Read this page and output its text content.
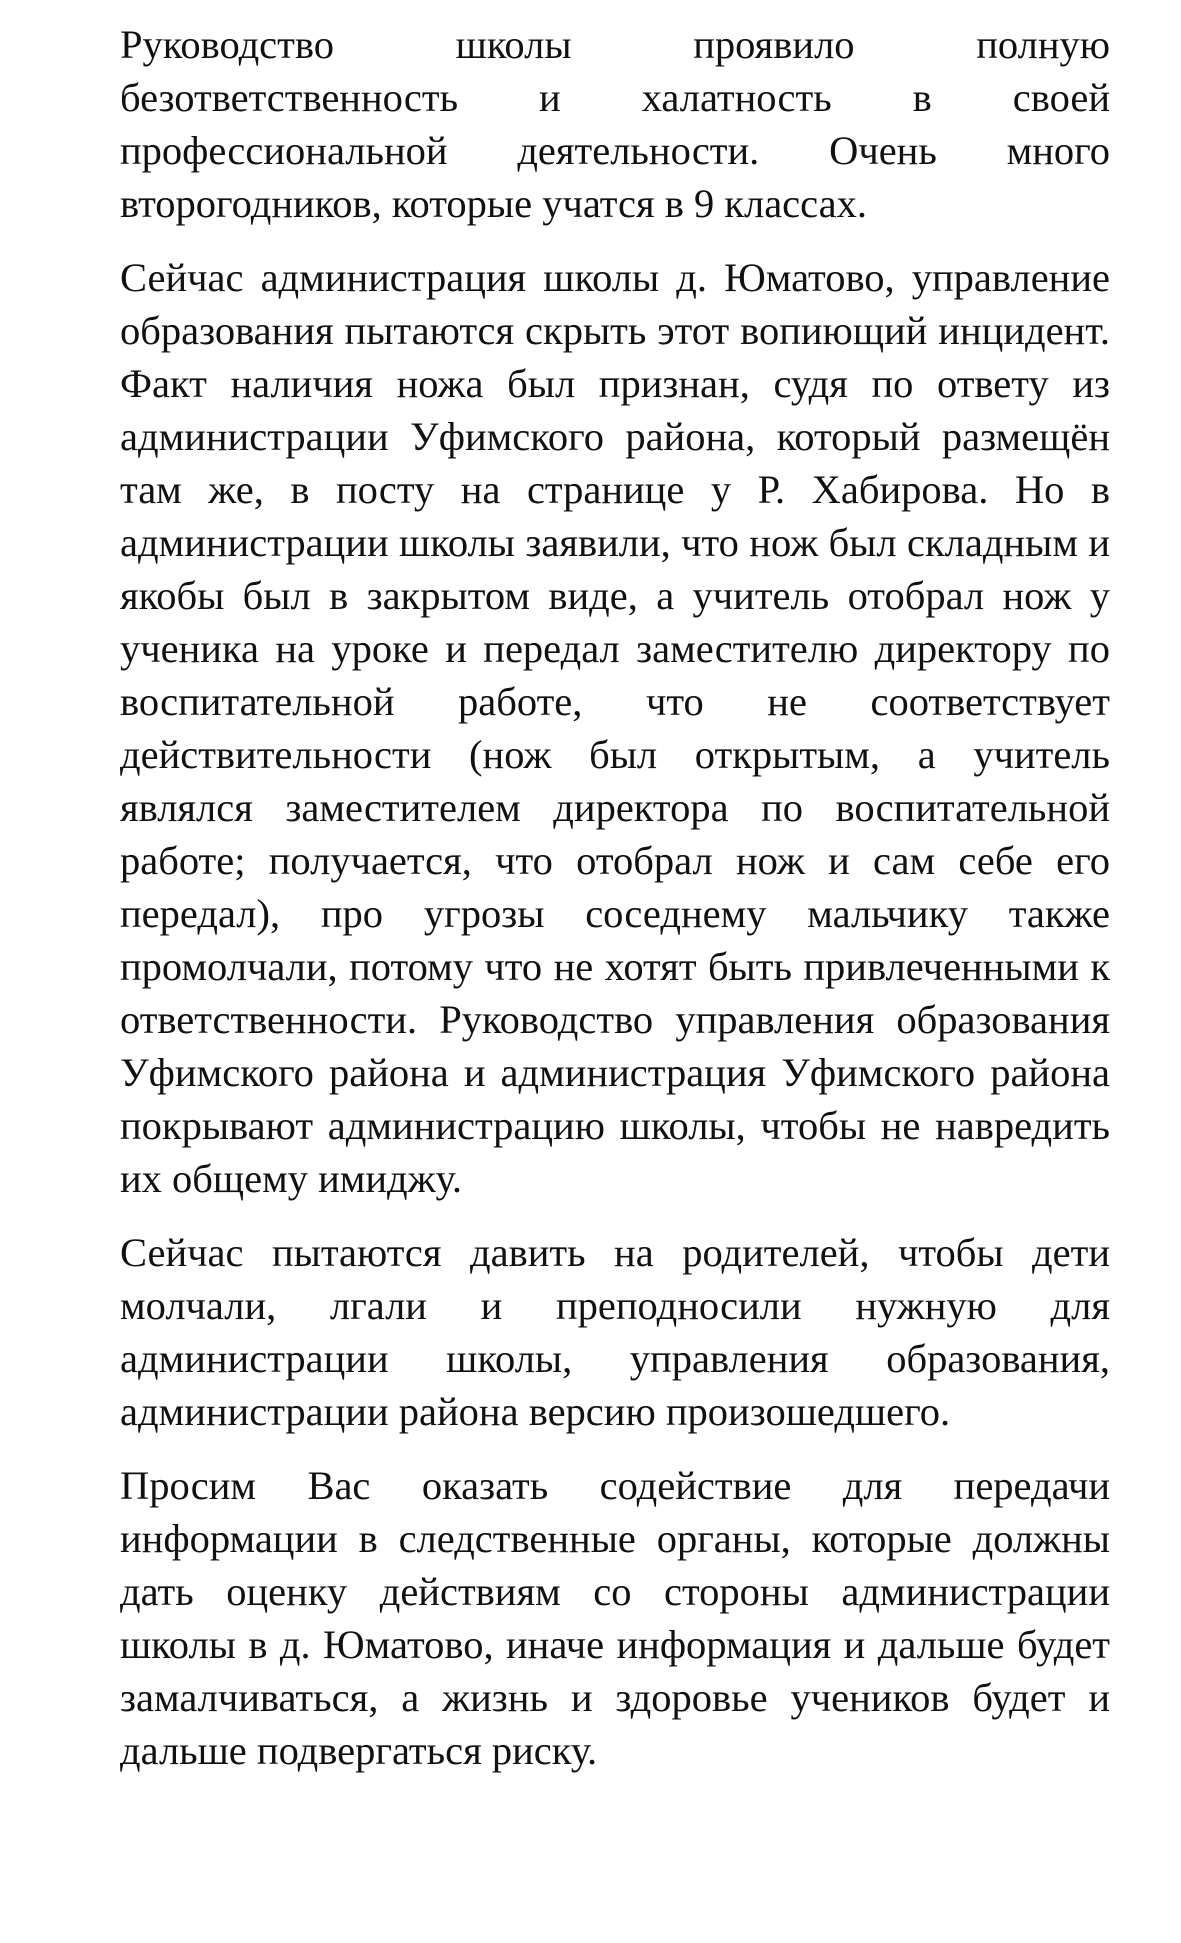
Руководство школы проявило полную безответственность и халатность в своей профессиональной деятельности. Очень много второгодников, которые учатся в 9 классах.

Сейчас администрация школы д. Юматово, управление образования пытаются скрыть этот вопиющий инцидент. Факт наличия ножа был признан, судя по ответу из администрации Уфимского района, который размещён там же, в посту на странице у Р. Хабирова. Но в администрации школы заявили, что нож был складным и якобы был в закрытом виде, а учитель отобрал нож у ученика на уроке и передал заместителю директору по воспитательной работе, что не соответствует действительности (нож был открытым, а учитель являлся заместителем директора по воспитательной работе; получается, что отобрал нож и сам себе его передал), про угрозы соседнему мальчику также промолчали, потому что не хотят быть привлеченными к ответственности. Руководство управления образования Уфимского района и администрация Уфимского района покрывают администрацию школы, чтобы не навредить их общему имиджу.

Сейчас пытаются давить на родителей, чтобы дети молчали, лгали и преподносили нужную для администрации школы, управления образования, администрации района версию произошедшего.

Просим Вас оказать содействие для передачи информации в следственные органы, которые должны дать оценку действиям со стороны администрации школы в д. Юматово, иначе информация и дальше будет замалчиваться, а жизнь и здоровье учеников будет и дальше подвергаться риску.
